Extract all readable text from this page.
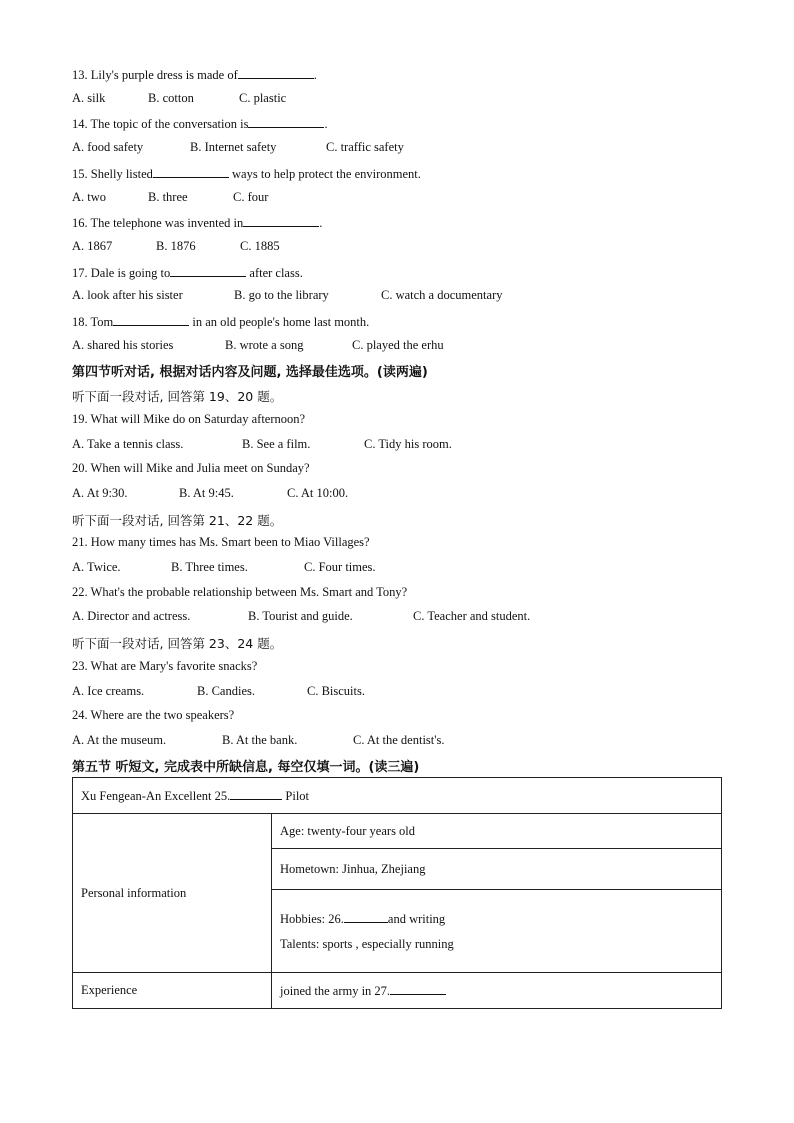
13. Lily's purple dress is made of	.
A. silk	B. cotton	C. plastic
14. The topic of the conversation is	.
A. food safety	B. Internet safety	C. traffic safety
15. Shelly listed	ways to help protect the environment.
A. two	B. three	C. four
16. The telephone was invented in	.
A. 1867	B. 1876	C. 1885
17. Dale is going to	after class.
A. look after his sister	B. go to the library	C. watch a documentary
18. Tom	in an old people's home last month.
A. shared his stories	B. wrote a song	C. played the erhu
第四节听对话, 根据对话内容及问题, 选择最佳选项。(读两遍)
听下面一段对话, 回答第 19、20 题。
19. What will Mike do on Saturday afternoon?
A. Take a tennis class.	B. See a film.	C. Tidy his room.
20. When will Mike and Julia meet on Sunday?
A. At 9:30.	B. At 9:45.	C. At 10:00.
听下面一段对话, 回答第 21、22 题。
21. How many times has Ms. Smart been to Miao Villages?
A. Twice.	B. Three times.	C. Four times.
22. What's the probable relationship between Ms. Smart and Tony?
A. Director and actress.	B. Tourist and guide.	C. Teacher and student.
听下面一段对话, 回答第 23、24 题。
23. What are Mary's favorite snacks?
A. Ice creams.	B. Candies.	C. Biscuits.
24. Where are the two speakers?
A. At the museum.	B. At the bank.	C. At the dentist's.
第五节 听短文, 完成表中所缺信息, 每空仅填一词。(读三遍)
Xu Fengean-An Excellent 25. Pilot	
Personal information	Age: twenty-four years old
	Hometown: Jinhua, Zhejiang

	Hobbies: 26. and writing
Talents: sports , especially running

Experience	joined the army in 27.
